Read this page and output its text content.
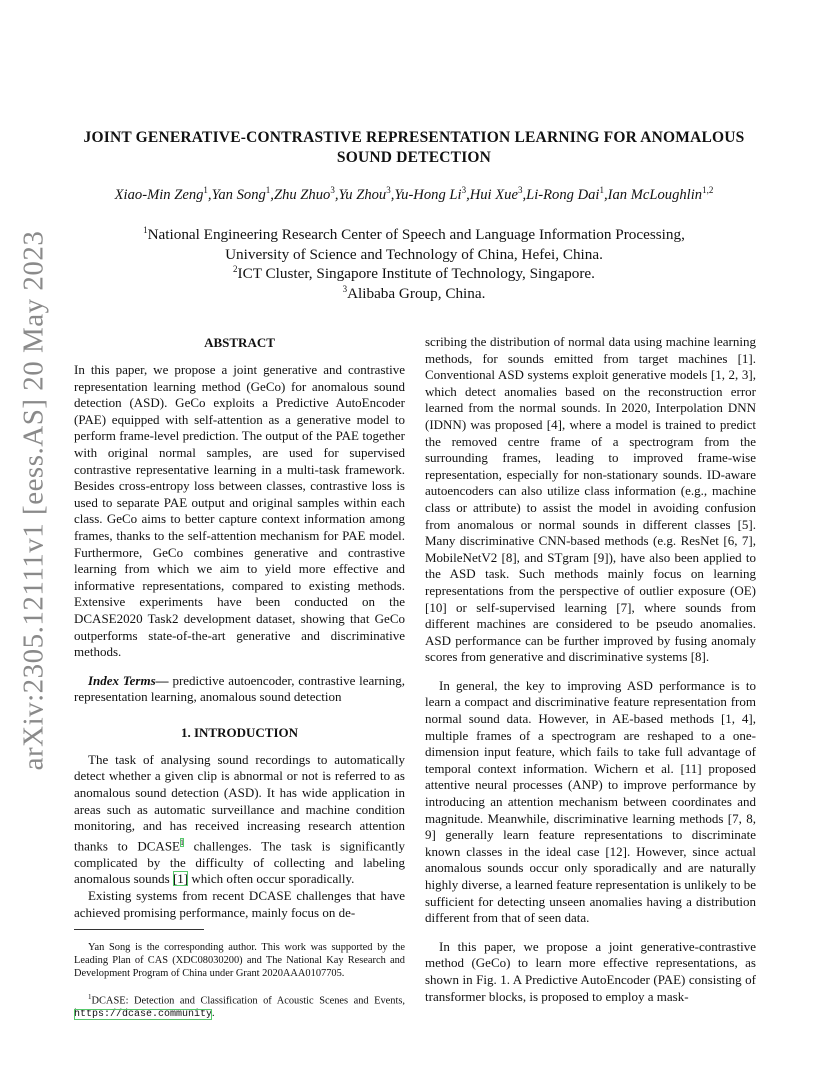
arXiv:2305.12111v1 [eess.AS] 20 May 2023
JOINT GENERATIVE-CONTRASTIVE REPRESENTATION LEARNING FOR ANOMALOUS
SOUND DETECTION
Xiao-Min Zeng$^1$,Yan Song$^1$,Zhu Zhuo$^3$,Yu Zhou$^3$,Yu-Hong Li$^3$,Hui Xue$^3$,Li-Rong Dai$^1$,Ian McLoughlin$^{1,2}$
$^1$National Engineering Research Center of Speech and Language Information Processing,
University of Science and Technology of China, Hefei, China.
$^2$ICT Cluster, Singapore Institute of Technology, Singapore.
$^3$Alibaba Group, China.
ABSTRACT

In this paper, we propose a joint generative and contrastive representation learning method (GeCo) for anomalous sound detection (ASD). GeCo exploits a Predictive AutoEncoder (PAE) equipped with self-attention as a generative model to perform frame-level prediction. The output of the PAE together with original normal samples, are used for supervised contrastive representative learning in a multi-task framework. Besides cross-entropy loss between classes, contrastive loss is used to separate PAE output and original samples within each class. GeCo aims to better capture context information among frames, thanks to the self-attention mechanism for PAE model. Furthermore, GeCo combines generative and contrastive learning from which we aim to yield more effective and informative representations, compared to existing methods. Extensive experiments have been conducted on the DCASE2020 Task2 development dataset, showing that GeCo outperforms state-of-the-art generative and discriminative methods.

Index Terms— predictive autoencoder, contrastive learning, representation learning, anomalous sound detection

1. INTRODUCTION

The task of analysing sound recordings to automatically detect whether a given clip is abnormal or not is referred to as anomalous sound detection (ASD). It has wide application in areas such as automatic surveillance and machine condition monitoring, and has received increasing research attention thanks to DCASE$^1$ challenges. The task is significantly complicated by the difficulty of collecting and labeling anomalous sounds [1] which often occur sporadically.

Existing systems from recent DCASE challenges that have achieved promising performance, mainly focus on de-

Yan Song is the corresponding author. This work was supported by the Leading Plan of CAS (XDC08030200) and The National Kay Research and Development Program of China under Grant 2020AAA0107705.

$^1$DCASE: Detection and Classification of Acoustic Scenes and Events, https://dcase.community.

scribing the distribution of normal data using machine learning methods, for sounds emitted from target machines [1]. Conventional ASD systems exploit generative models [1, 2, 3], which detect anomalies based on the reconstruction error learned from the normal sounds. In 2020, Interpolation DNN (IDNN) was proposed [4], where a model is trained to predict the removed centre frame of a spectrogram from the surrounding frames, leading to improved frame-wise representation, especially for non-stationary sounds. ID-aware autoencoders can also utilize class information (e.g., machine class or attribute) to assist the model in avoiding confusion from anomalous or normal sounds in different classes [5]. Many discriminative CNN-based methods (e.g. ResNet [6, 7], MobileNetV2 [8], and STgram [9]), have also been applied to the ASD task. Such methods mainly focus on learning representations from the perspective of outlier exposure (OE) [10] or self-supervised learning [7], where sounds from different machines are considered to be pseudo anomalies. ASD performance can be further improved by fusing anomaly scores from generative and discriminative systems [8].

In general, the key to improving ASD performance is to learn a compact and discriminative feature representation from normal sound data. However, in AE-based methods [1, 4], multiple frames of a spectrogram are reshaped to a one-dimension input feature, which fails to take full advantage of temporal context information. Wichern et al. [11] proposed attentive neural processes (ANP) to improve performance by introducing an attention mechanism between coordinates and magnitude. Meanwhile, discriminative learning methods [7, 8, 9] generally learn feature representations to discriminate known classes in the ideal case [12]. However, since actual anomalous sounds occur only sporadically and are naturally highly diverse, a learned feature representation is unlikely to be sufficient for detecting unseen anomalies having a distribution different from that of seen data.

In this paper, we propose a joint generative-contrastive method (GeCo) to learn more effective representations, as shown in Fig. 1. A Predictive AutoEncoder (PAE) consisting of transformer blocks, is proposed to employ a mask-
